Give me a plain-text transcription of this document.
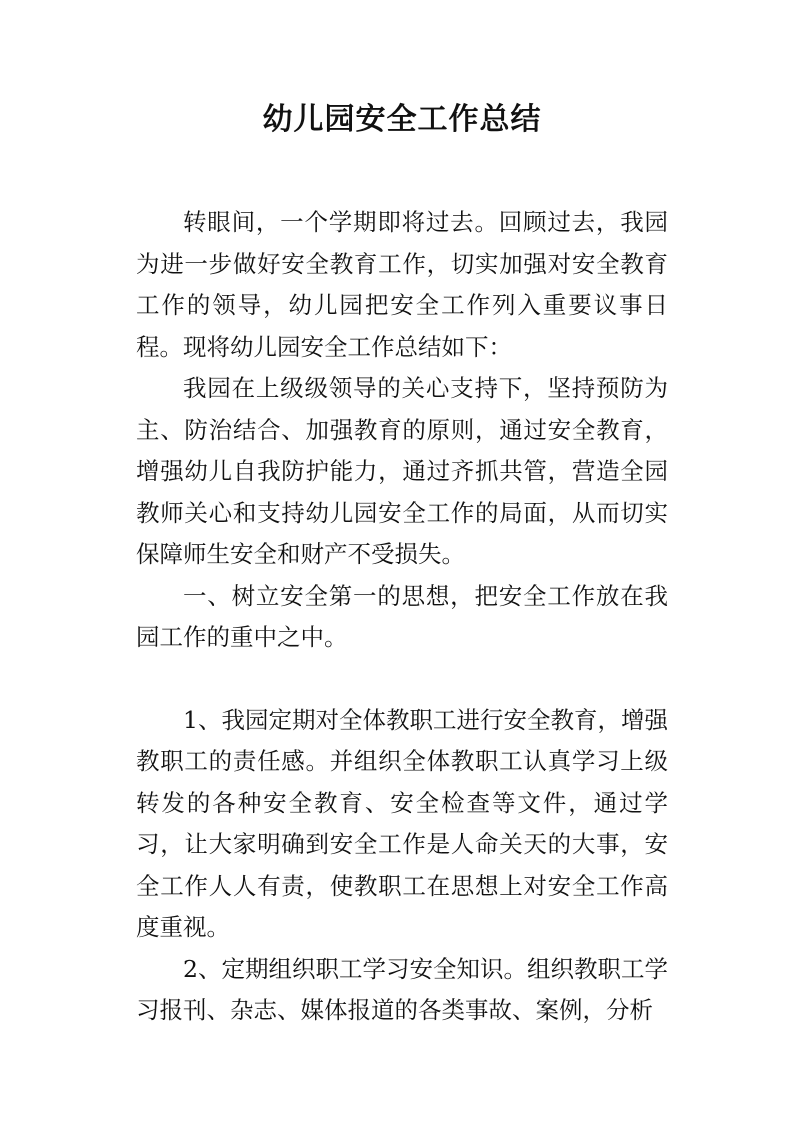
幼儿园安全工作总结

转眼间，一个学期即将过去。回顾过去，我园为进一步做好安全教育工作，切实加强对安全教育工作的领导，幼儿园把安全工作列入重要议事日程。现将幼儿园安全工作总结如下：

我园在上级级领导的关心支持下，坚持预防为主、防治结合、加强教育的原则，通过安全教育，增强幼儿自我防护能力，通过齐抓共管，营造全园教师关心和支持幼儿园安全工作的局面，从而切实保障师生安全和财产不受损失。

一、树立安全第一的思想，把安全工作放在我园工作的重中之中。

1、我园定期对全体教职工进行安全教育，增强教职工的责任感。并组织全体教职工认真学习上级转发的各种安全教育、安全检查等文件，通过学习，让大家明确到安全工作是人命关天的大事，安全工作人人有责，使教职工在思想上对安全工作高度重视。

2、定期组织职工学习安全知识。组织教职工学习报刊、杂志、媒体报道的各类事故、案例，分析
